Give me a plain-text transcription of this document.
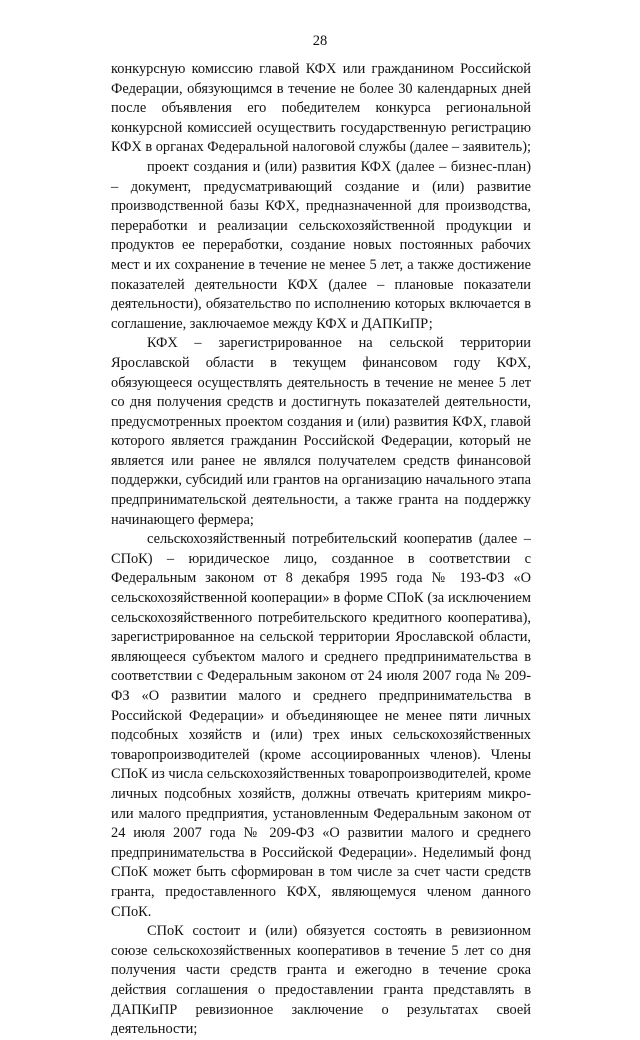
28

конкурсную комиссию главой КФХ или гражданином Российской Федерации, обязующимся в течение не более 30 календарных дней после объявления его победителем конкурса региональной конкурсной комиссией осуществить государственную регистрацию КФХ в органах Федеральной налоговой службы (далее – заявитель);

проект создания и (или) развития КФХ (далее – бизнес-план) – документ, предусматривающий создание и (или) развитие производственной базы КФХ, предназначенной для производства, переработки и реализации сельскохозяйственной продукции и продуктов ее переработки, создание новых постоянных рабочих мест и их сохранение в течение не менее 5 лет, а также достижение показателей деятельности КФХ (далее – плановые показатели деятельности), обязательство по исполнению которых включается в соглашение, заключаемое между КФХ и ДАПКиПР;

КФХ – зарегистрированное на сельской территории Ярославской области в текущем финансовом году КФХ, обязующееся осуществлять деятельность в течение не менее 5 лет со дня получения средств и достигнуть показателей деятельности, предусмотренных проектом создания и (или) развития КФХ, главой которого является гражданин Российской Федерации, который не является или ранее не являлся получателем средств финансовой поддержки, субсидий или грантов на организацию начального этапа предпринимательской деятельности, а также гранта на поддержку начинающего фермера;

сельскохозяйственный потребительский кооператив (далее – СПоК) – юридическое лицо, созданное в соответствии с Федеральным законом от 8 декабря 1995 года № 193-ФЗ «О сельскохозяйственной кооперации» в форме СПоК (за исключением сельскохозяйственного потребительского кредитного кооператива), зарегистрированное на сельской территории Ярославской области, являющееся субъектом малого и среднего предпринимательства в соответствии с Федеральным законом от 24 июля 2007 года № 209-ФЗ «О развитии малого и среднего предпринимательства в Российской Федерации» и объединяющее не менее пяти личных подсобных хозяйств и (или) трех иных сельскохозяйственных товаропроизводителей (кроме ассоциированных членов). Члены СПоК из числа сельскохозяйственных товаропроизводителей, кроме личных подсобных хозяйств, должны отвечать критериям микро- или малого предприятия, установленным Федеральным законом от 24 июля 2007 года № 209-ФЗ «О развитии малого и среднего предпринимательства в Российской Федерации». Неделимый фонд СПоК может быть сформирован в том числе за счет части средств гранта, предоставленного КФХ, являющемуся членом данного СПоК.

СПоК состоит и (или) обязуется состоять в ревизионном союзе сельскохозяйственных кооперативов в течение 5 лет со дня получения части средств гранта и ежегодно в течение срока действия соглашения о предоставлении гранта представлять в ДАПКиПР ревизионное заключение о результатах своей деятельности;
